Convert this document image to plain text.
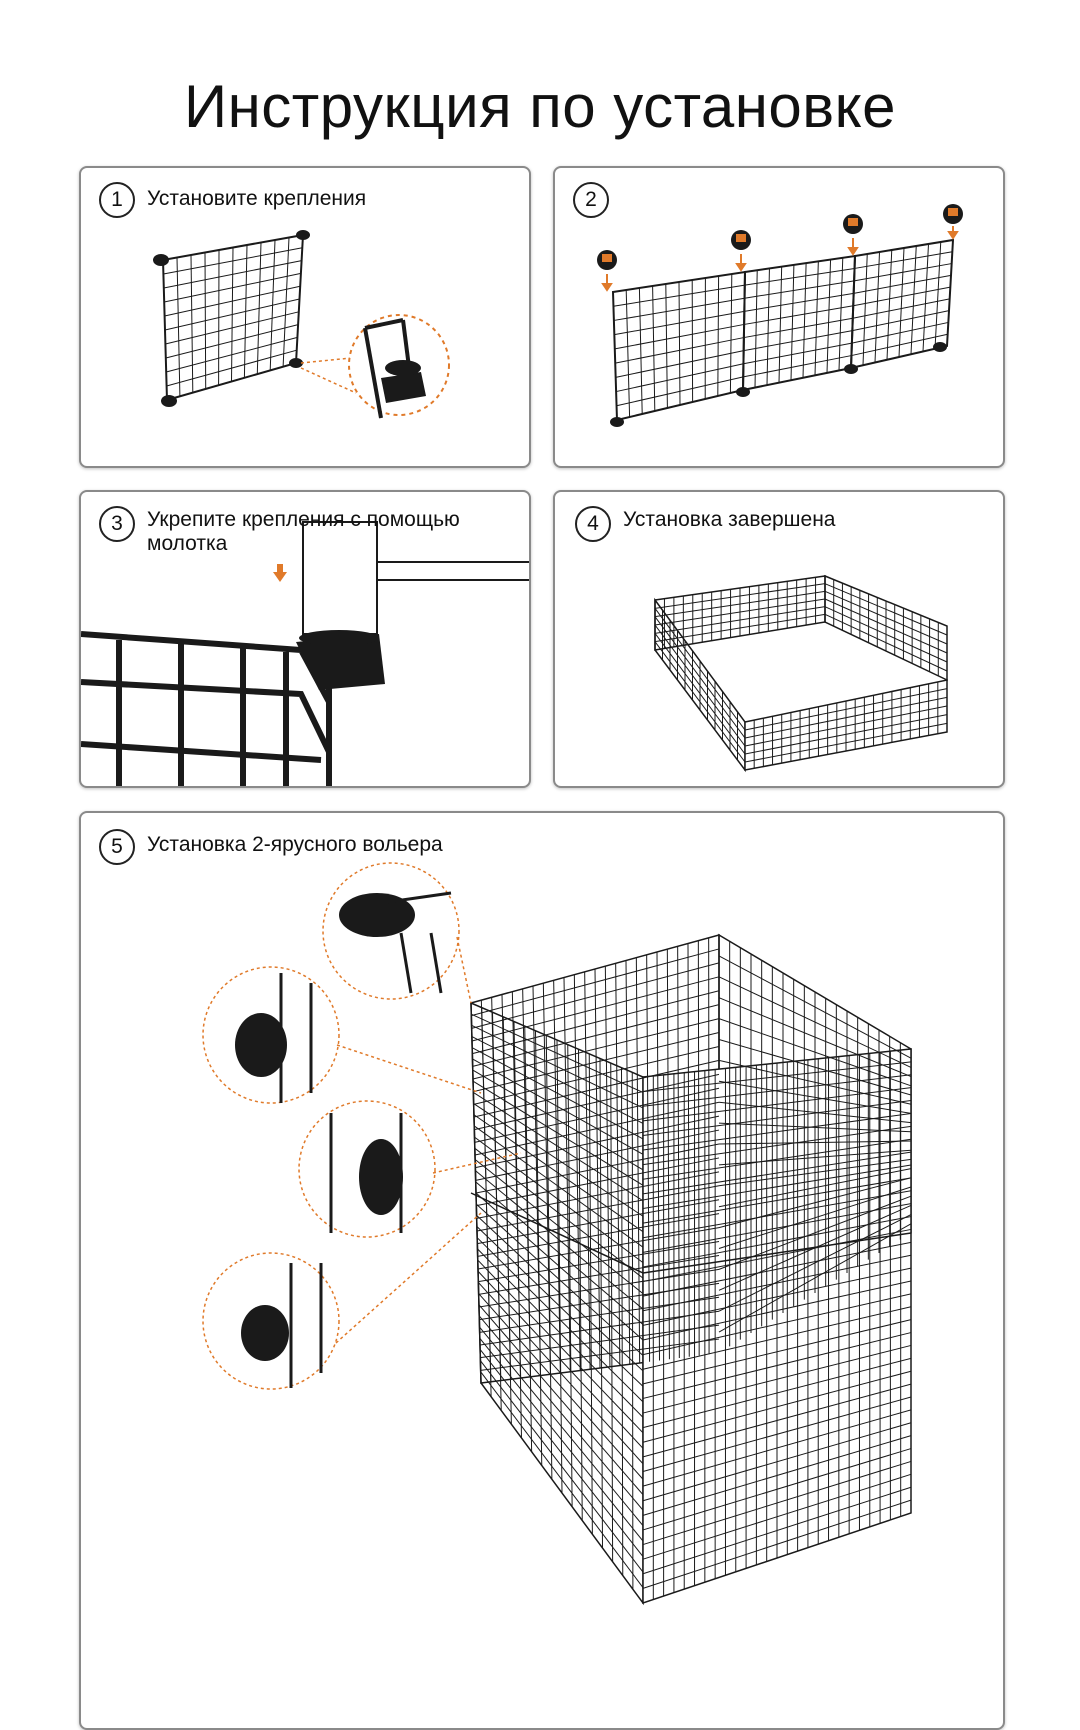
Инструкция по установке
1	Установите крепления	2
3	Укрепите крепления с помощью молотка
4	Установка завершена
5	Установка 2-ярусного вольера
